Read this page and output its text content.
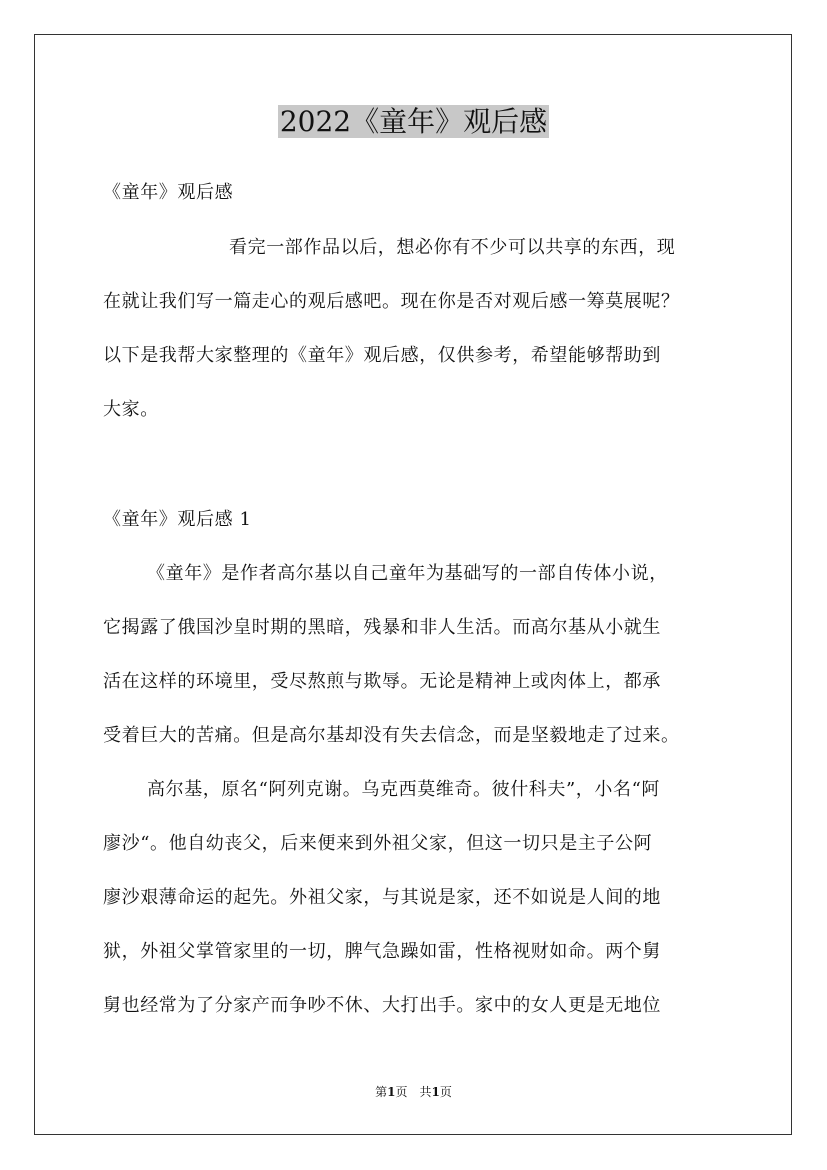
2022《童年》观后感
《童年》观后感
看完一部作品以后，想必你有不少可以共享的东西，现
在就让我们写一篇走心的观后感吧。现在你是否对观后感一筹莫展呢？
以下是我帮大家整理的《童年》观后感，仅供参考，希望能够帮助到
大家。
《童年》观后感 1
《童年》是作者高尔基以自己童年为基础写的一部自传体小说，
它揭露了俄国沙皇时期的黑暗，残暴和非人生活。而高尔基从小就生
活在这样的环境里，受尽熬煎与欺辱。无论是精神上或肉体上，都承
受着巨大的苦痛。但是高尔基却没有失去信念，而是坚毅地走了过来。
高尔基，原名“阿列克谢。乌克西莫维奇。彼什科夫”，小名“阿
廖沙“。他自幼丧父，后来便来到外祖父家，但这一切只是主子公阿
廖沙艰薄命运的起先。外祖父家，与其说是家，还不如说是人间的地
狱，外祖父掌管家里的一切，脾气急躁如雷，性格视财如命。两个舅
舅也经常为了分家产而争吵不休、大打出手。家中的女人更是无地位
第1页　共1页
